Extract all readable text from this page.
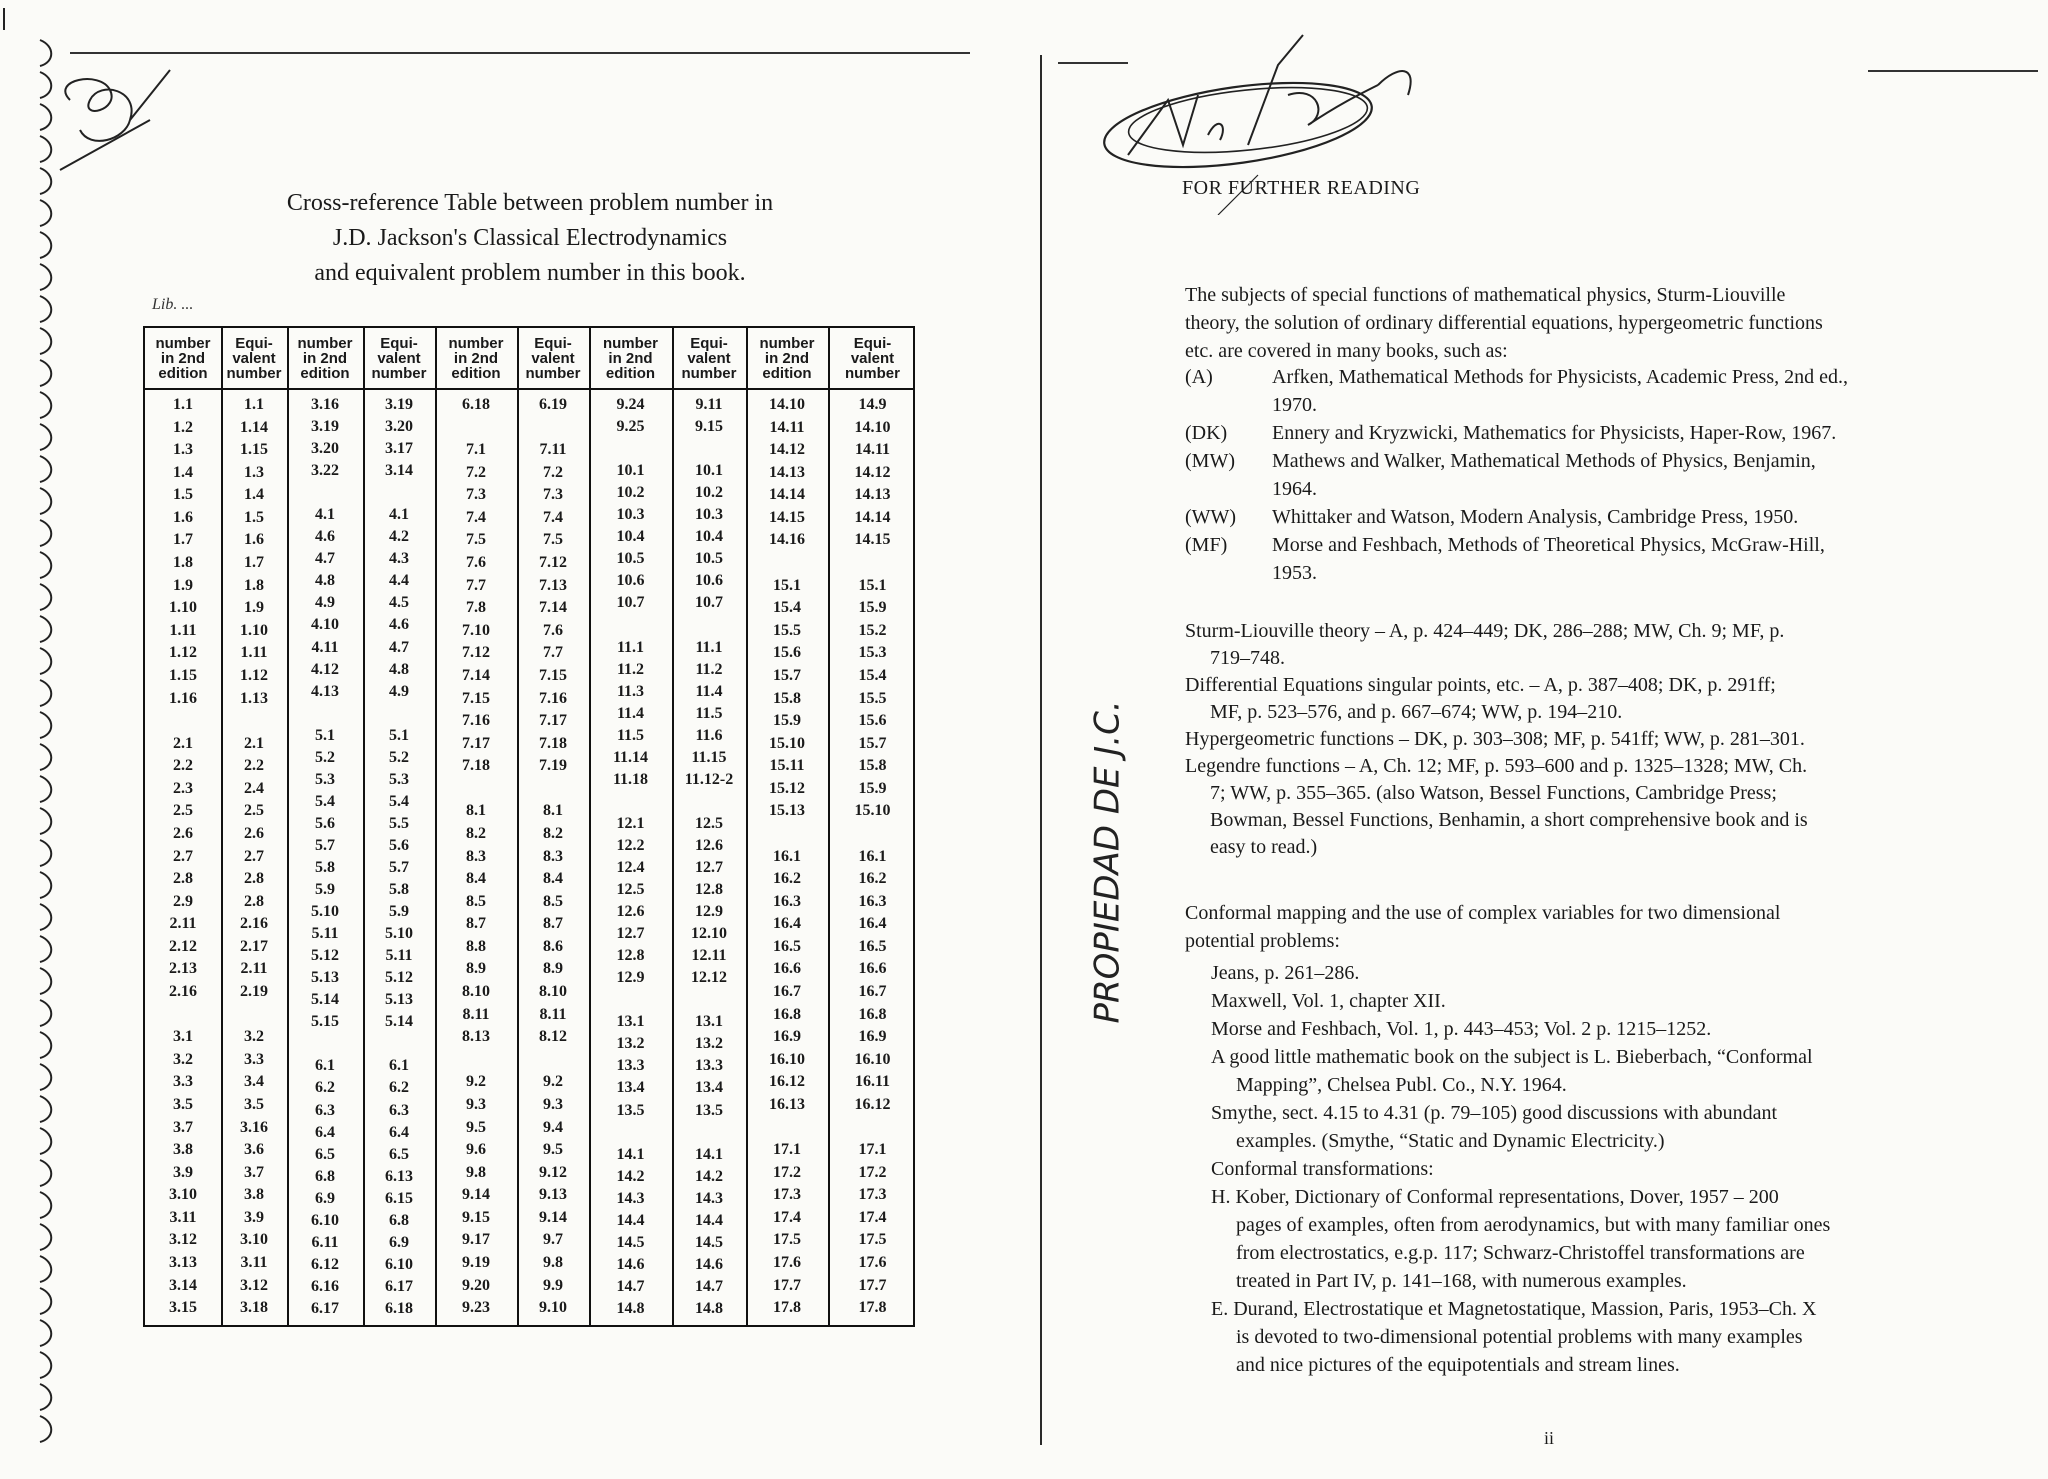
Cross-reference Table between problem number in
J.D. Jackson's Classical Electrodynamics
and equivalent problem number in this book.
Lib. ...
number
in 2nd
edition
Equi-
valent
number
number
in 2nd
edition
Equi-
valent
number
number
in 2nd
edition
Equi-
valent
number
number
in 2nd
edition
Equi-
valent
number
number
in 2nd
edition
Equi-
valent
number
1.1
1.2
1.3
1.4
1.5
1.6
1.7
1.8
1.9
1.10
1.11
1.12
1.15
1.16
2.1
2.2
2.3
2.5
2.6
2.7
2.8
2.9
2.11
2.12
2.13
2.16
3.1
3.2
3.3
3.5
3.7
3.8
3.9
3.10
3.11
3.12
3.13
3.14
3.15
1.1
1.14
1.15
1.3
1.4
1.5
1.6
1.7
1.8
1.9
1.10
1.11
1.12
1.13
2.1
2.2
2.4
2.5
2.6
2.7
2.8
2.8
2.16
2.17
2.11
2.19
3.2
3.3
3.4
3.5
3.16
3.6
3.7
3.8
3.9
3.10
3.11
3.12
3.18
3.16
3.19
3.20
3.22
4.1
4.6
4.7
4.8
4.9
4.10
4.11
4.12
4.13
5.1
5.2
5.3
5.4
5.6
5.7
5.8
5.9
5.10
5.11
5.12
5.13
5.14
5.15
6.1
6.2
6.3
6.4
6.5
6.8
6.9
6.10
6.11
6.12
6.16
6.17
3.19
3.20
3.17
3.14
4.1
4.2
4.3
4.4
4.5
4.6
4.7
4.8
4.9
5.1
5.2
5.3
5.4
5.5
5.6
5.7
5.8
5.9
5.10
5.11
5.12
5.13
5.14
6.1
6.2
6.3
6.4
6.5
6.13
6.15
6.8
6.9
6.10
6.17
6.18
6.18
7.1
7.2
7.3
7.4
7.5
7.6
7.7
7.8
7.10
7.12
7.14
7.15
7.16
7.17
7.18
8.1
8.2
8.3
8.4
8.5
8.7
8.8
8.9
8.10
8.11
8.13
9.2
9.3
9.5
9.6
9.8
9.14
9.15
9.17
9.19
9.20
9.23
6.19
7.11
7.2
7.3
7.4
7.5
7.12
7.13
7.14
7.6
7.7
7.15
7.16
7.17
7.18
7.19
8.1
8.2
8.3
8.4
8.5
8.7
8.6
8.9
8.10
8.11
8.12
9.2
9.3
9.4
9.5
9.12
9.13
9.14
9.7
9.8
9.9
9.10
9.24
9.25
10.1
10.2
10.3
10.4
10.5
10.6
10.7
11.1
11.2
11.3
11.4
11.5
11.14
11.18
12.1
12.2
12.4
12.5
12.6
12.7
12.8
12.9
13.1
13.2
13.3
13.4
13.5
14.1
14.2
14.3
14.4
14.5
14.6
14.7
14.8
9.11
9.15
10.1
10.2
10.3
10.4
10.5
10.6
10.7
11.1
11.2
11.4
11.5
11.6
11.15
11.12-2
12.5
12.6
12.7
12.8
12.9
12.10
12.11
12.12
13.1
13.2
13.3
13.4
13.5
14.1
14.2
14.3
14.4
14.5
14.6
14.7
14.8
14.10
14.11
14.12
14.13
14.14
14.15
14.16
15.1
15.4
15.5
15.6
15.7
15.8
15.9
15.10
15.11
15.12
15.13
16.1
16.2
16.3
16.4
16.5
16.6
16.7
16.8
16.9
16.10
16.12
16.13
17.1
17.2
17.3
17.4
17.5
17.6
17.7
17.8
14.9
14.10
14.11
14.12
14.13
14.14
14.15
15.1
15.9
15.2
15.3
15.4
15.5
15.6
15.7
15.8
15.9
15.10
16.1
16.2
16.3
16.4
16.5
16.6
16.7
16.8
16.9
16.10
16.11
16.12
17.1
17.2
17.3
17.4
17.5
17.6
17.7
17.8
FOR FURTHER READING
PROPIEDAD DE J.C.
ii
The subjects of special functions of mathematical physics, Sturm-Liouville
theory, the solution of ordinary differential equations, hypergeometric functions
etc. are covered in many books, such as:
(A)	Arfken, Mathematical Methods for Physicists, Academic Press, 2nd ed.,
1970.
(DK) Ennery and Kryzwicki, Mathematics for Physicists, Haper-Row, 1967.
(MW) Mathews and Walker, Mathematical Methods of Physics, Benjamin,
1964.
(WW) Whittaker and Watson, Modern Analysis, Cambridge Press, 1950.
(MF) Morse and Feshbach, Methods of Theoretical Physics, McGraw-Hill,
1953.
Sturm-Liouville theory – A, p. 424–449; DK, 286–288; MW, Ch. 9; MF, p.
719–748.
Differential Equations singular points, etc. – A, p. 387–408; DK, p. 291ff;
MF, p. 523–576, and p. 667–674; WW, p. 194–210.
Hypergeometric functions – DK, p. 303–308; MF, p. 541ff; WW, p. 281–301.
Legendre functions – A, Ch. 12; MF, p. 593–600 and p. 1325–1328; MW, Ch.
7; WW, p. 355–365. (also Watson, Bessel Functions, Cambridge Press;
Bowman, Bessel Functions, Benhamin, a short comprehensive book and is
easy to read.)
Conformal mapping and the use of complex variables for two dimensional
potential problems:
Jeans, p. 261–286.
Maxwell, Vol. 1, chapter XII.
Morse and Feshbach, Vol. 1, p. 443–453; Vol. 2 p. 1215–1252.
A good little mathematic book on the subject is L. Bieberbach, “Conformal
Mapping”, Chelsea Publ. Co., N.Y. 1964.
Smythe, sect. 4.15 to 4.31 (p. 79–105) good discussions with abundant
examples. (Smythe, “Static and Dynamic Electricity.)
Conformal transformations:
H. Kober, Dictionary of Conformal representations, Dover, 1957 – 200
pages of examples, often from aerodynamics, but with many familiar ones
from electrostatics, e.g.p. 117; Schwarz-Christoffel transformations are
treated in Part IV, p. 141–168, with numerous examples.
E. Durand, Electrostatique et Magnetostatique, Massion, Paris, 1953–Ch. X
is devoted to two-dimensional potential problems with many examples
and nice pictures of the equipotentials and stream lines.
